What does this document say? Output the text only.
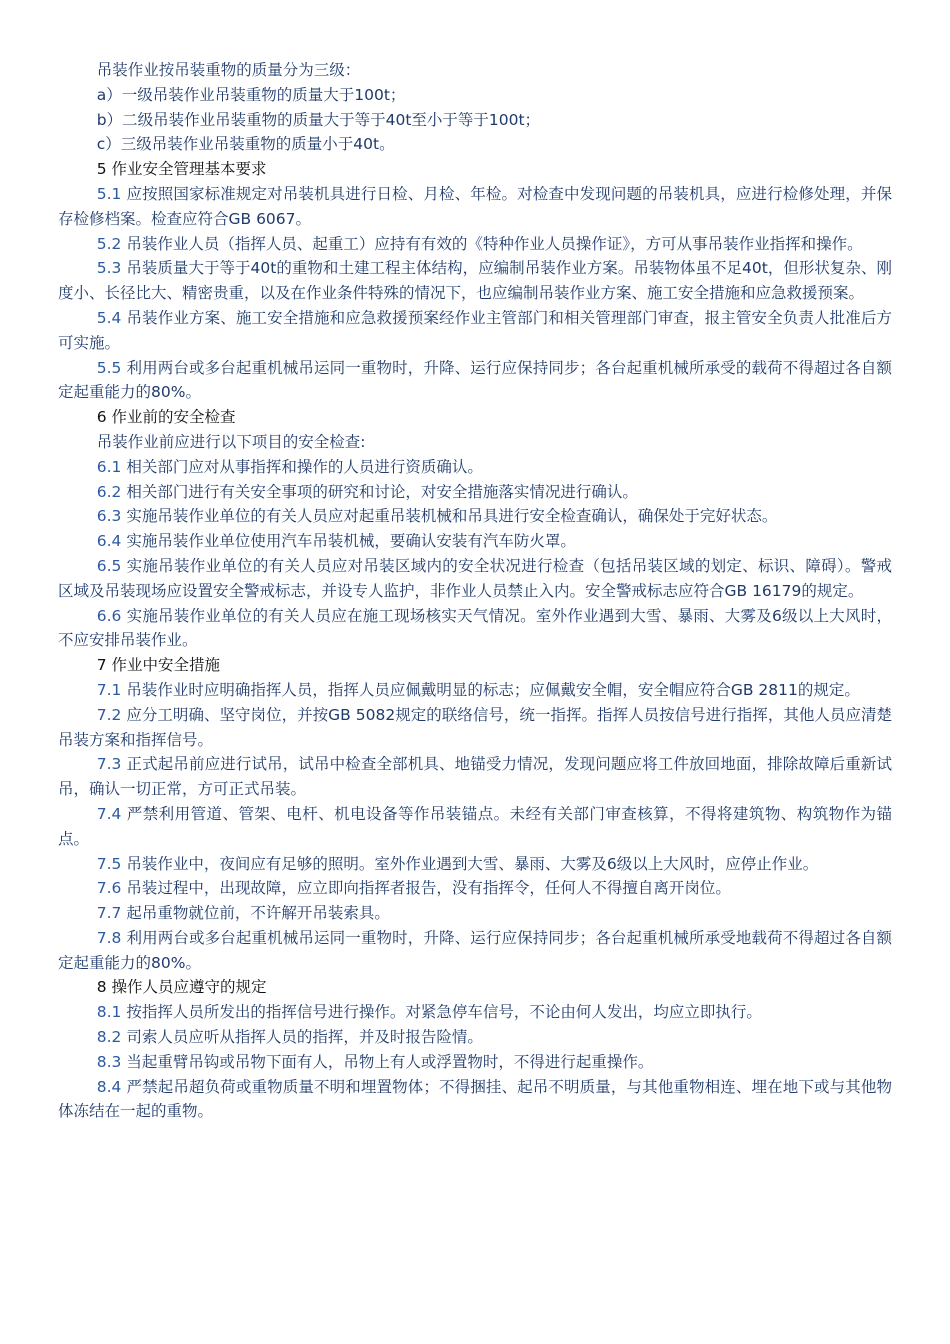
吊装作业按吊装重物的质量分为三级：

a）一级吊装作业吊装重物的质量大于100t；

b）二级吊装作业吊装重物的质量大于等于40t至小于等于100t；

c）三级吊装作业吊装重物的质量小于40t。

5 作业安全管理基本要求

5.1 应按照国家标准规定对吊装机具进行日检、月检、年检。对检查中发现问题的吊装机具，应进行检修处理，并保存检修档案。检查应符合GB 6067。

5.2 吊装作业人员（指挥人员、起重工）应持有有效的《特种作业人员操作证》，方可从事吊装作业指挥和操作。

5.3 吊装质量大于等于40t的重物和土建工程主体结构，应编制吊装作业方案。吊装物体虽不足40t，但形状复杂、刚度小、长径比大、精密贵重，以及在作业条件特殊的情况下，也应编制吊装作业方案、施工安全措施和应急救援预案。

5.4 吊装作业方案、施工安全措施和应急救援预案经作业主管部门和相关管理部门审查，报主管安全负责人批准后方可实施。

5.5 利用两台或多台起重机械吊运同一重物时，升降、运行应保持同步；各台起重机械所承受的载荷不得超过各自额定起重能力的80%。

6 作业前的安全检查

吊装作业前应进行以下项目的安全检查:

6.1 相关部门应对从事指挥和操作的人员进行资质确认。

6.2 相关部门进行有关安全事项的研究和讨论，对安全措施落实情况进行确认。

6.3 实施吊装作业单位的有关人员应对起重吊装机械和吊具进行安全检查确认，确保处于完好状态。

6.4 实施吊装作业单位使用汽车吊装机械，要确认安装有汽车防火罩。

6.5 实施吊装作业单位的有关人员应对吊装区域内的安全状况进行检查（包括吊装区域的划定、标识、障碍）。警戒区域及吊装现场应设置安全警戒标志，并设专人监护，非作业人员禁止入内。安全警戒标志应符合GB 16179的规定。

6.6 实施吊装作业单位的有关人员应在施工现场核实天气情况。室外作业遇到大雪、暴雨、大雾及6级以上大风时，不应安排吊装作业。

7 作业中安全措施

7.1 吊装作业时应明确指挥人员，指挥人员应佩戴明显的标志；应佩戴安全帽，安全帽应符合GB 2811的规定。

7.2 应分工明确、坚守岗位，并按GB 5082规定的联络信号，统一指挥。指挥人员按信号进行指挥，其他人员应清楚吊装方案和指挥信号。

7.3 正式起吊前应进行试吊，试吊中检查全部机具、地锚受力情况，发现问题应将工件放回地面，排除故障后重新试吊，确认一切正常，方可正式吊装。

7.4 严禁利用管道、管架、电杆、机电设备等作吊装锚点。未经有关部门审查核算，不得将建筑物、构筑物作为锚点。

7.5 吊装作业中，夜间应有足够的照明。室外作业遇到大雪、暴雨、大雾及6级以上大风时，应停止作业。

7.6 吊装过程中，出现故障，应立即向指挥者报告，没有指挥令，任何人不得擅自离开岗位。

7.7 起吊重物就位前，不许解开吊装索具。

7.8 利用两台或多台起重机械吊运同一重物时，升降、运行应保持同步；各台起重机械所承受地载荷不得超过各自额定起重能力的80%。

8 操作人员应遵守的规定

8.1 按指挥人员所发出的指挥信号进行操作。对紧急停车信号，不论由何人发出，均应立即执行。

8.2 司索人员应听从指挥人员的指挥，并及时报告险情。

8.3 当起重臂吊钩或吊物下面有人，吊物上有人或浮置物时，不得进行起重操作。

8.4 严禁起吊超负荷或重物质量不明和埋置物体；不得捆挂、起吊不明质量，与其他重物相连、埋在地下或与其他物体冻结在一起的重物。
